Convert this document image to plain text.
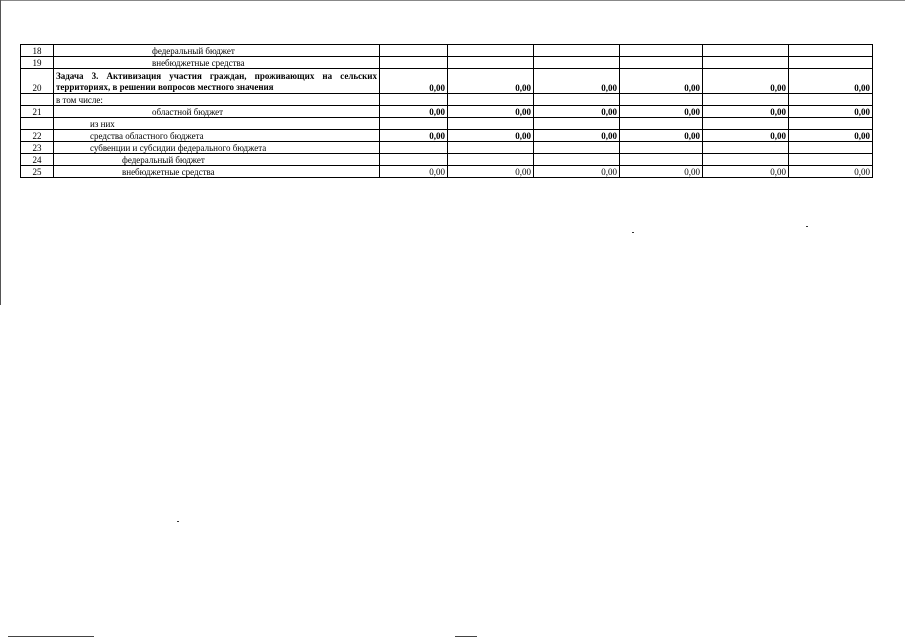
18	федеральный бюджет						
19	внебюджетные средства						
20	Задача 3. Активизация участия граждан, проживающих на сельских территориях, в решении вопросов местного значения	0,00	0,00	0,00	0,00	0,00	0,00
	в том числе:						
21	областной бюджет	0,00	0,00	0,00	0,00	0,00	0,00
	из них						
22	средства областного бюджета	0,00	0,00	0,00	0,00	0,00	0,00
23	субвенции и субсидии федерального бюджета						
24	федеральный бюджет						
25	внебюджетные средства	0,00	0,00	0,00	0,00	0,00	0,00
